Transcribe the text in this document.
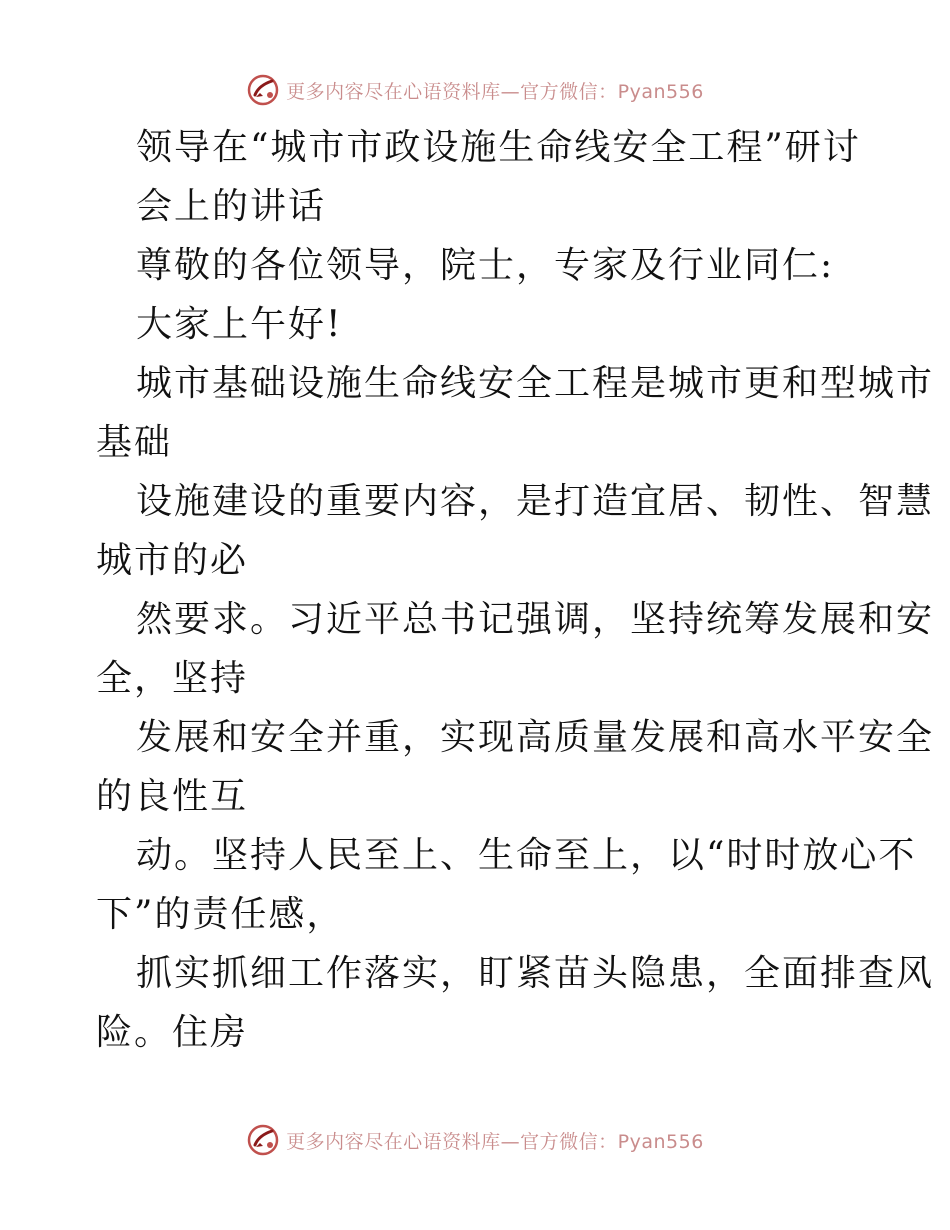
更多内容尽在心语资料库—官方微信：Pyan556
领导在“城市市政设施生命线安全工程”研讨
会上的讲话
尊敬的各位领导，院士，专家及行业同仁:
大家上午好!
城市基础设施生命线安全工程是城市更和型城市
基础
设施建设的重要内容，是打造宜居、韧性、智慧
城市的必
然要求。习近平总书记强调，坚持统筹发展和安
全，坚持
发展和安全并重，实现高质量发展和高水平安全
的良性互
动。坚持人民至上、生命至上，以“时时放心不
下”的责任感，
抓实抓细工作落实，盯紧苗头隐患，全面排查风
险。住房
更多内容尽在心语资料库—官方微信：Pyan556
